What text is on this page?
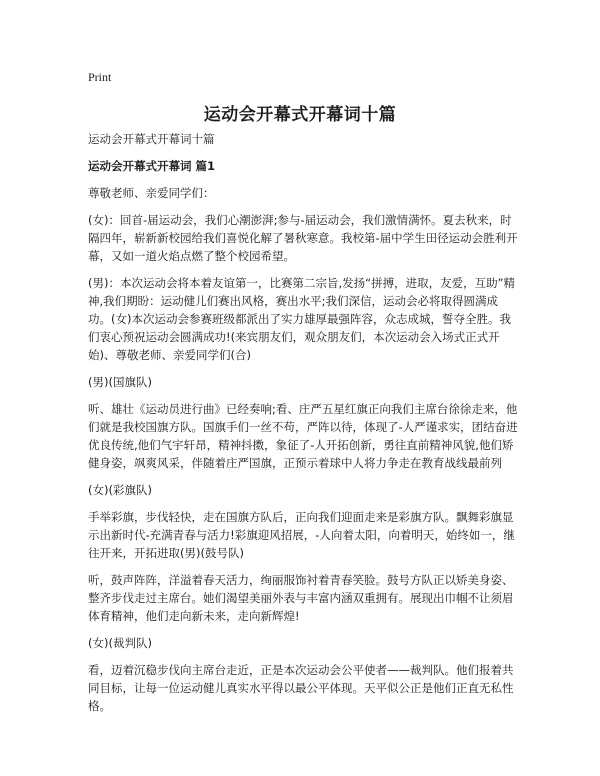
Print
运动会开幕式开幕词十篇

运动会开幕式开幕词十篇

运动会开幕式开幕词 篇1

尊敬老师、亲爱同学们：

(女)：回首-届运动会，我们心潮澎湃;参与-届运动会，我们激情满怀。夏去秋来，时隔四年，崭新新校园给我们喜悦化解了暑秋寒意。我校第-届中学生田径运动会胜利开幕，又如一道火焰点燃了整个校园希望。

(男)：本次运动会将本着友谊第一，比赛第二宗旨,发扬“拼搏，进取，友爱，互助”精神,我们期盼：运动健儿们赛出风格，赛出水平;我们深信，运动会必将取得圆满成功。(女)本次运动会参赛班级都派出了实力雄厚最强阵容，众志成城，誓夺全胜。我们衷心预祝运动会圆满成功!(来宾朋友们，观众朋友们，本次运动会入场式正式开始)、尊敬老师、亲爱同学们(合)

(男)(国旗队)

听、雄壮《运动员进行曲》已经奏响;看、庄严五星红旗正向我们主席台徐徐走来，他们就是我校国旗方队。国旗手们一丝不苟，严阵以待，体现了-人严谨求实，团结奋进优良传统,他们气宇轩昂，精神抖擞，象征了-人开拓创新，勇往直前精神风貌,他们矫健身姿，飒爽风采，伴随着庄严国旗，正预示着球中人将力争走在教育战线最前列

(女)(彩旗队)

手举彩旗，步伐轻快，走在国旗方队后，正向我们迎面走来是彩旗方队。飘舞彩旗显示出新时代-充满青春与活力!彩旗迎风招展，-人向着太阳，向着明天，始终如一，继往开来，开拓进取(男)(鼓号队)

听，鼓声阵阵，洋溢着春天活力，绚丽服饰衬着青春笑脸。鼓号方队正以矫美身姿、整齐步伐走过主席台。她们渴望美丽外表与丰富内涵双重拥有。展现出巾帼不让须眉体育精神，他们走向新未来，走向新辉煌!

(女)(裁判队)

看，迈着沉稳步伐向主席台走近，正是本次运动会公平使者——裁判队。他们报着共同目标，让每一位运动健儿真实水平得以最公平体现。天平似公正是他们正直无私性格。
